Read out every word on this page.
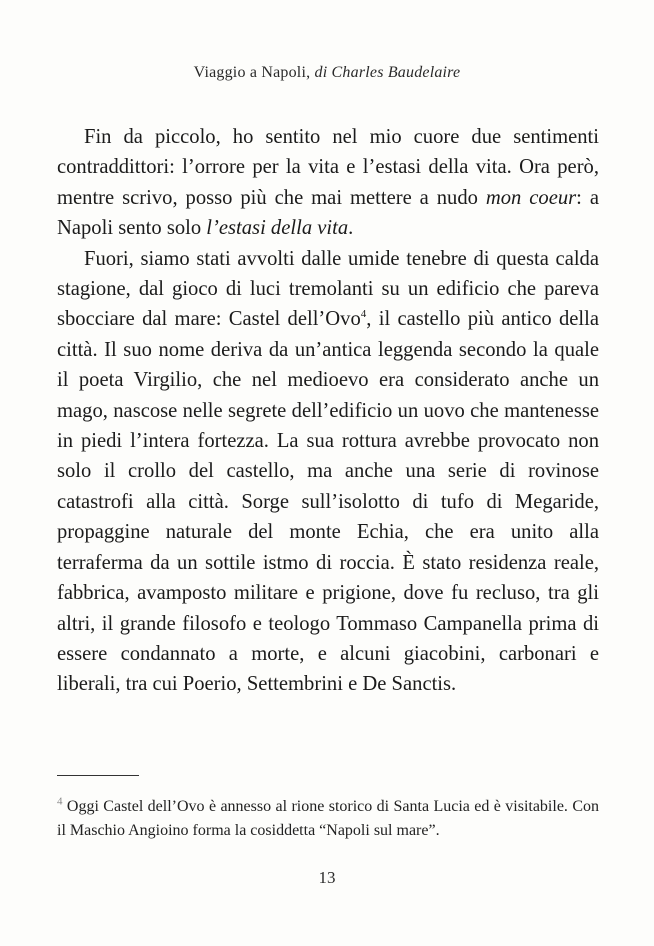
Viaggio a Napoli, di Charles Baudelaire

Fin da piccolo, ho sentito nel mio cuore due sentimenti contraddittori: l’orrore per la vita e l’estasi della vita. Ora però, mentre scrivo, posso più che mai mettere a nudo mon coeur: a Napoli sento solo l’estasi della vita.

Fuori, siamo stati avvolti dalle umide tenebre di questa calda stagione, dal gioco di luci tremolanti su un edificio che pareva sbocciare dal mare: Castel dell’Ovo$^4$, il castello più antico della città. Il suo nome deriva da un’antica leggenda secondo la quale il poeta Virgilio, che nel medioevo era considerato anche un mago, nascose nelle segrete dell’edificio un uovo che mantenesse in piedi l’intera fortezza. La sua rottura avrebbe provocato non solo il crollo del castello, ma anche una serie di rovinose catastrofi alla città. Sorge sull’isolotto di tufo di Megaride, propaggine naturale del monte Echia, che era unito alla terraferma da un sottile istmo di roccia. È stato residenza reale, fabbrica, avamposto militare e prigione, dove fu recluso, tra gli altri, il grande filosofo e teologo Tommaso Campanella prima di essere condannato a morte, e alcuni giacobini, carbonari e liberali, tra cui Poerio, Settembrini e De Sanctis.

$^4$ Oggi Castel dell’Ovo è annesso al rione storico di Santa Lucia ed è visitabile. Con il Maschio Angioino forma la cosiddetta “Napoli sul mare”.
13
